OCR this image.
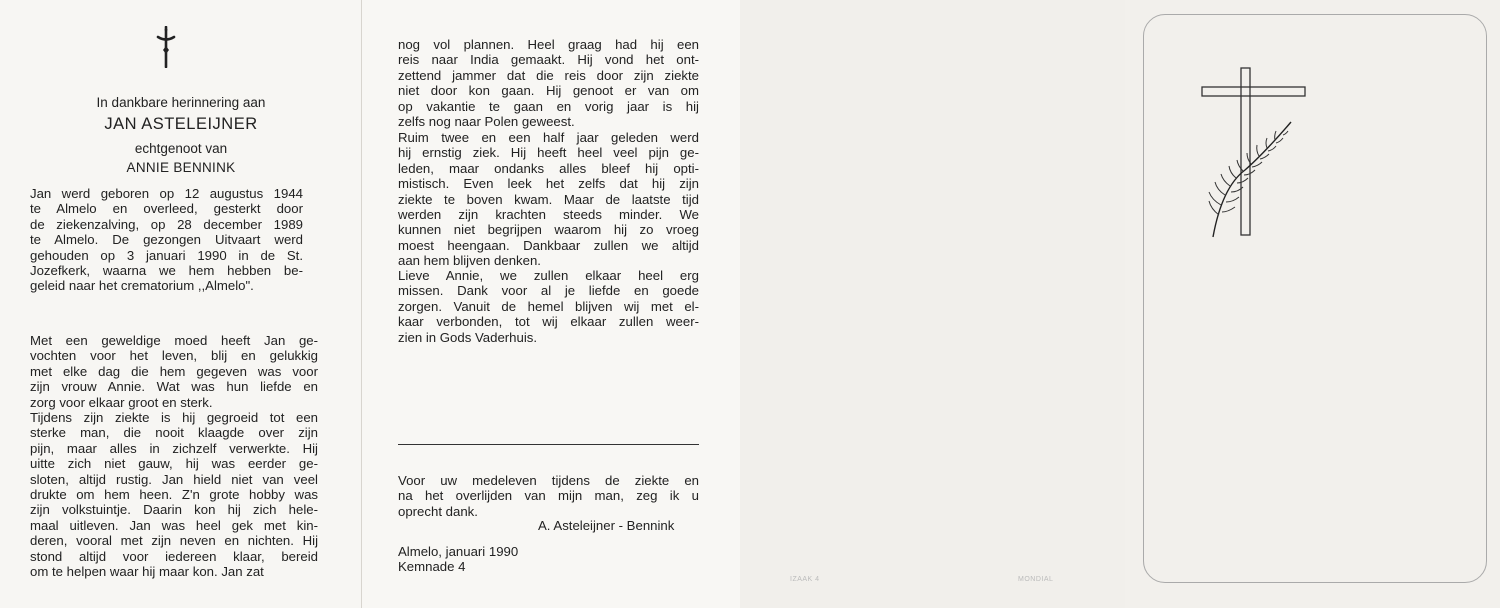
In dankbare herinnering aan
JAN ASTELEIJNER
echtgenoot van
ANNIE BENNINK

Jan werd geboren op 12 augustus 1944
te Almelo en overleed, gesterkt door
de ziekenzalving, op 28 december 1989
te Almelo. De gezongen Uitvaart werd
gehouden op 3 januari 1990 in de St.
Jozefkerk, waarna we hem hebben be-
geleid naar het crematorium ,,Almelo".

Met een geweldige moed heeft Jan ge-
vochten voor het leven, blij en gelukkig
met elke dag die hem gegeven was voor
zijn vrouw Annie. Wat was hun liefde en
zorg voor elkaar groot en sterk.

Tijdens zijn ziekte is hij gegroeid tot een
sterke man, die nooit klaagde over zijn
pijn, maar alles in zichzelf verwerkte. Hij
uitte zich niet gauw, hij was eerder ge-
sloten, altijd rustig. Jan hield niet van veel
drukte om hem heen. Z'n grote hobby was
zijn volkstuintje. Daarin kon hij zich hele-
maal uitleven. Jan was heel gek met kin-
deren, vooral met zijn neven en nichten. Hij
stond altijd voor iedereen klaar, bereid
om te helpen waar hij maar kon. Jan zat

nog vol plannen. Heel graag had hij een
reis naar India gemaakt. Hij vond het ont-
zettend jammer dat die reis door zijn ziekte
niet door kon gaan. Hij genoot er van om
op vakantie te gaan en vorig jaar is hij
zelfs nog naar Polen geweest.

Ruim twee en een half jaar geleden werd
hij ernstig ziek. Hij heeft heel veel pijn ge-
leden, maar ondanks alles bleef hij opti-
mistisch. Even leek het zelfs dat hij zijn
ziekte te boven kwam. Maar de laatste tijd
werden zijn krachten steeds minder. We
kunnen niet begrijpen waarom hij zo vroeg
moest heengaan. Dankbaar zullen we altijd
aan hem blijven denken.

Lieve Annie, we zullen elkaar heel erg
missen. Dank voor al je liefde en goede
zorgen. Vanuit de hemel blijven wij met el-
kaar verbonden, tot wij elkaar zullen weer-
zien in Gods Vaderhuis.

Voor uw medeleven tijdens de ziekte en
na het overlijden van mijn man, zeg ik u
oprecht dank.

A. Asteleijner - Bennink
Almelo, januari 1990
Kemnade 4
IZAAK 4	MONDIAL
